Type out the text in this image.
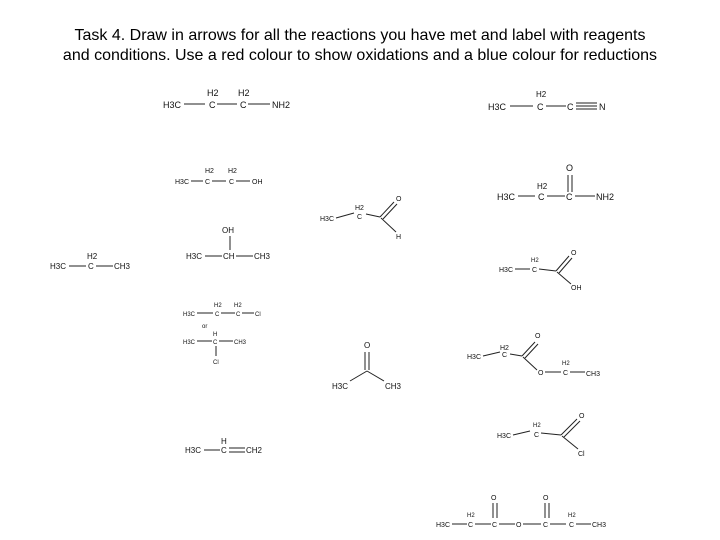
Task 4. Draw in arrows for all the reactions you have met and label with reagents
and conditions. Use a red colour to show oxidations and a blue colour for reductions
H3C
H2
C
H2
C	NH2	H3C
H2
C	C	N
H3C
H2
C
H2
C	OH
O
H3C
H2
C C	NH2
H3C
H2
C
O
H
H3C
H2
C	CH3
OH
H3C	CH CH3
H3C
H2
C
O
OH
H3C
H2
C
H2
C Cl
or
H
H3C	C	CH3
Cl
O
H3C	CH3
O
H3C
H2
C
O
H2
C	CH3
H
H3C C CH2
O
H3C
H2
C
Cl
O	O
H3C
H2
C	C	O	C
H2
C	CH3
